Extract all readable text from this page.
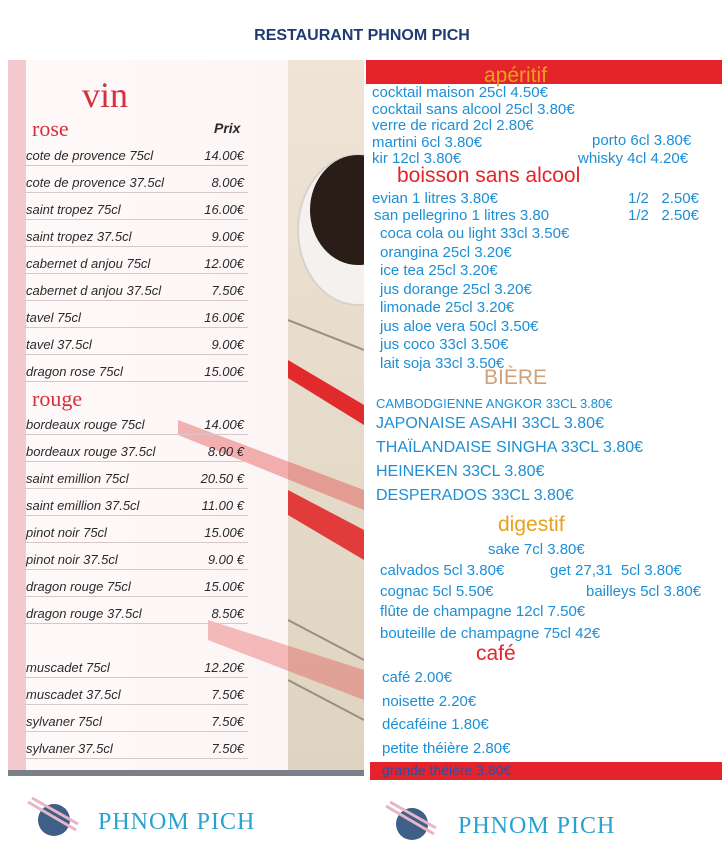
RESTAURANT PHNOM PICH
vin
rose	Prix
rouge
cote de provence 75cl	14.00€
cote de provence 37.5cl	8.00€
saint tropez 75cl	16.00€
saint tropez 37.5cl	9.00€
cabernet d anjou 75cl	12.00€
cabernet d anjou 37.5cl	7.50€
tavel 75cl	16.00€
tavel 37.5cl	9.00€
dragon rose 75cl	15.00€
bordeaux rouge 75cl	14.00€
bordeaux rouge 37.5cl	8.00 €
saint emillion 75cl	20.50 €
saint emillion 37.5cl	11.00 €
pinot noir 75cl	15.00€
pinot noir 37.5cl	9.00 €
dragon rouge 75cl	15.00€
dragon rouge 37.5cl	8.50€
muscadet 75cl	12.20€
muscadet 37.5cl	7.50€
sylvaner 75cl	7.50€
sylvaner 37.5cl	7.50€
apéritif
cocktail maison 25cl 4.50€
cocktail sans alcool 25cl 3.80€
verre de ricard 2cl 2.80€
martini 6cl 3.80€
kir 12cl 3.80€
porto 6cl 3.80€
whisky 4cl 4.20€
boisson sans alcool
evian 1 litres 3.80€	1/2   2.50€
san pellegrino 1 litres 3.80	1/2   2.50€
coca cola ou light 33cl 3.50€
orangina 25cl 3.20€
ice tea 25cl 3.20€
jus dorange 25cl 3.20€
limonade 25cl 3.20€
jus aloe vera 50cl 3.50€
jus coco 33cl 3.50€
lait soja 33cl 3.50€
BIÈRE
CAMBODGIENNE ANGKOR 33CL 3.80€
JAPONAISE ASAHI 33CL 3.80€
THAÏLANDAISE SINGHA 33CL 3.80€
HEINEKEN 33CL 3.80€
DESPERADOS 33CL 3.80€
digestif
sake 7cl 3.80€
calvados 5cl 3.80€	get 27,31  5cl 3.80€
cognac 5cl 5.50€	bailleys 5cl 3.80€
flûte de champagne 12cl 7.50€
bouteille de champagne 75cl 42€
café
café 2.00€
noisette 2.20€
décaféine 1.80€
petite théière 2.80€
grande théière 3.80€
PHNOM PICH	PHNOM PICH
